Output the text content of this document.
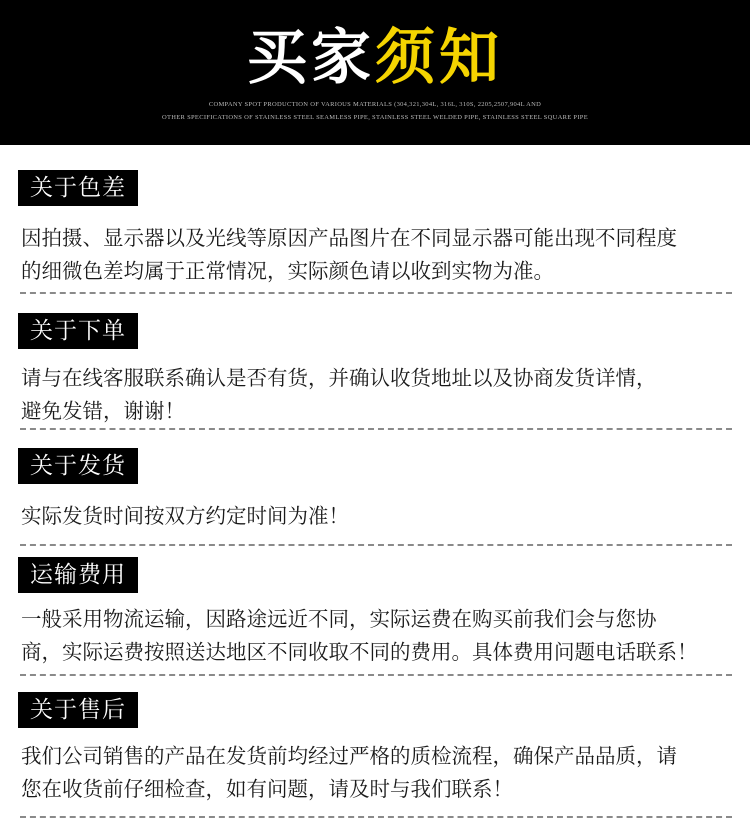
买家须知
COMPANY SPOT PRODUCTION OF VARIOUS MATERIALS (304,321,304L, 316L, 310S, 2205,2507,904L AND
OTHER SPECIFICATIONS OF STAINLESS STEEL SEAMLESS PIPE, STAINLESS STEEL WELDED PIPE, STAINLESS STEEL SQUARE PIPE
关于色差
因拍摄、显示器以及光线等原因产品图片在不同显示器可能出现不同程度
的细微色差均属于正常情况，实际颜色请以收到实物为准。
关于下单
请与在线客服联系确认是否有货，并确认收货地址以及协商发货详情，
避免发错，谢谢！
关于发货
实际发货时间按双方约定时间为准！
运输费用
一般采用物流运输，因路途远近不同，实际运费在购买前我们会与您协
商，实际运费按照送达地区不同收取不同的费用。具体费用问题电话联系！
关于售后
我们公司销售的产品在发货前均经过严格的质检流程，确保产品品质，请
您在收货前仔细检查，如有问题，请及时与我们联系！
